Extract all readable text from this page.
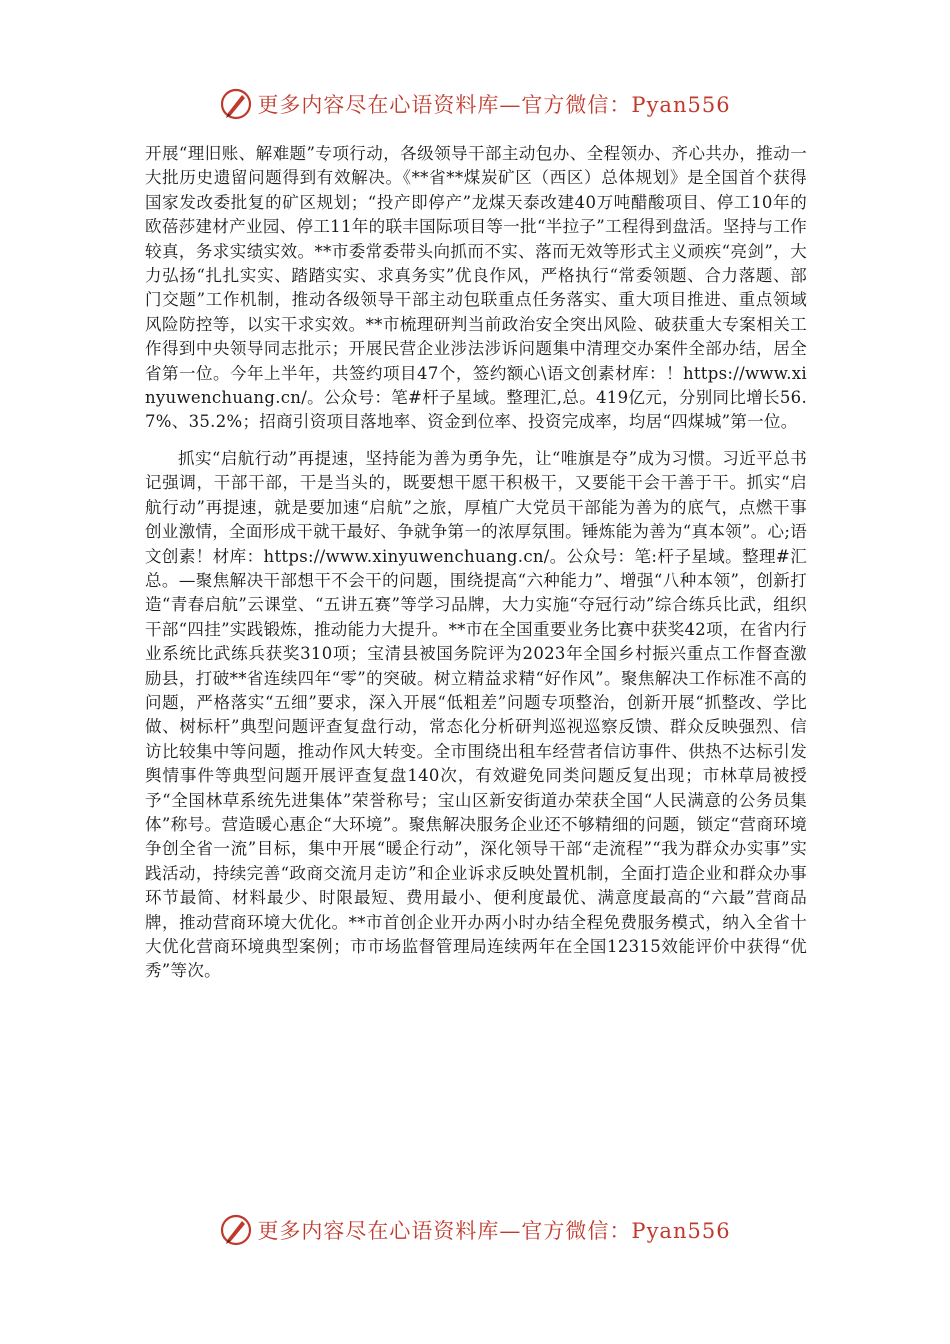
更多内容尽在心语资料库—官方微信：Pyan556

开展“理旧账、解难题”专项行动，各级领导干部主动包办、全程领办、齐心共办，推动一大批历史遗留问题得到有效解决。《**省**煤炭矿区（西区）总体规划》是全国首个获得国家发改委批复的矿区规划；“投产即停产”龙煤天泰改建40万吨醋酸项目、停工10年的欧蓓莎建材产业园、停工11年的联丰国际项目等一批“半拉子”工程得到盘活。坚持与工作较真，务求实绩实效。**市委常委带头向抓而不实、落而无效等形式主义顽疾“亮剑”，大力弘扬“扎扎实实、踏踏实实、求真务实”优良作风，严格执行“常委领题、合力落题、部门交题”工作机制，推动各级领导干部主动包联重点任务落实、重大项目推进、重点领域风险防控等，以实干求实效。**市梳理研判当前政治安全突出风险、破获重大专案相关工作得到中央领导同志批示；开展民营企业涉法涉诉问题集中清理交办案件全部办结，居全省第一位。今年上半年，共签约项目47个，签约额心\语文创素材库：！https://www.xinyuwenchuang.cn/。公众号：笔#杆子星域。整理汇,总。419亿元，分别同比增长56.7%、35.2%；招商引资项目落地率、资金到位率、投资完成率，均居“四煤城”第一位。

抓实“启航行动”再提速，坚持能为善为勇争先，让“唯旗是夺”成为习惯。习近平总书记强调，干部干部，干是当头的，既要想干愿干积极干，又要能干会干善于干。抓实“启航行动”再提速，就是要加速“启航”之旅，厚植广大党员干部能为善为的底气，点燃干事创业激情，全面形成干就干最好、争就争第一的浓厚氛围。锤炼能为善为“真本领”。心;语文创素！材库：https://www.xinyuwenchuang.cn/。公众号：笔:杆子星域。整理#汇总。—聚焦解决干部想干不会干的问题，围绕提高“六种能力”、增强“八种本领”，创新打造“青春启航”云课堂、“五讲五赛”等学习品牌，大力实施“夺冠行动”综合练兵比武，组织干部“四挂”实践锻炼，推动能力大提升。**市在全国重要业务比赛中获奖42项，在省内行业系统比武练兵获奖310项；宝清县被国务院评为2023年全国乡村振兴重点工作督查激励县，打破**省连续四年“零”的突破。树立精益求精“好作风”。聚焦解决工作标准不高的问题，严格落实“五细”要求，深入开展“低粗差”问题专项整治，创新开展“抓整改、学比做、树标杆”典型问题评查复盘行动，常态化分析研判巡视巡察反馈、群众反映强烈、信访比较集中等问题，推动作风大转变。全市围绕出租车经营者信访事件、供热不达标引发舆情事件等典型问题开展评查复盘140次，有效避免同类问题反复出现；市林草局被授予“全国林草系统先进集体”荣誉称号；宝山区新安街道办荣获全国“人民满意的公务员集体”称号。营造暖心惠企“大环境”。聚焦解决服务企业还不够精细的问题，锁定“营商环境争创全省一流”目标，集中开展“暖企行动”，深化领导干部“走流程”“我为群众办实事”实践活动，持续完善“政商交流月走访”和企业诉求反映处置机制，全面打造企业和群众办事环节最简、材料最少、时限最短、费用最小、便利度最优、满意度最高的“六最”营商品牌，推动营商环境大优化。**市首创企业开办两小时办结全程免费服务模式，纳入全省十大优化营商环境典型案例；市市场监督管理局连续两年在全国12315效能评价中获得“优秀”等次。

更多内容尽在心语资料库—官方微信：Pyan556
